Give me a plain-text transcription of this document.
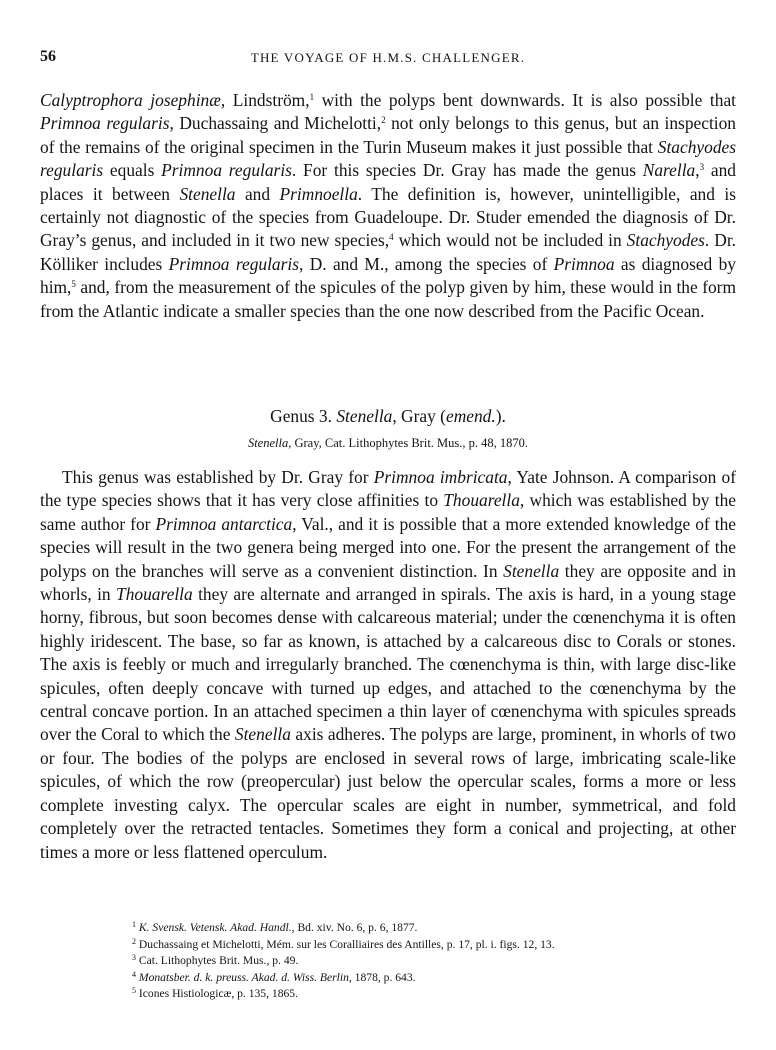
56	THE VOYAGE OF H.M.S. CHALLENGER.

Calyptrophora josephinæ, Lindström,$^1$ with the polyps bent downwards. It is also possible that Primnoa regularis, Duchassaing and Michelotti,$^2$ not only belongs to this genus, but an inspection of the remains of the original specimen in the Turin Museum makes it just possible that Stachyodes regularis equals Primnoa regularis. For this species Dr. Gray has made the genus Narella,$^3$ and places it between Stenella and Primnoella. The definition is, however, unintelligible, and is certainly not diagnostic of the species from Guadeloupe. Dr. Studer emended the diagnosis of Dr. Gray’s genus, and included in it two new species,$^4$ which would not be included in Stachyodes. Dr. Kölliker includes Primnoa regularis, D. and M., among the species of Primnoa as diagnosed by him,$^5$ and, from the measurement of the spicules of the polyp given by him, these would in the form from the Atlantic indicate a smaller species than the one now described from the Pacific Ocean.

Genus 3. Stenella, Gray (emend.).
Stenella, Gray, Cat. Lithophytes Brit. Mus., p. 48, 1870.

This genus was established by Dr. Gray for Primnoa imbricata, Yate Johnson. A comparison of the type species shows that it has very close affinities to Thouarella, which was established by the same author for Primnoa antarctica, Val., and it is possible that a more extended knowledge of the species will result in the two genera being merged into one. For the present the arrangement of the polyps on the branches will serve as a convenient distinction. In Stenella they are opposite and in whorls, in Thouarella they are alternate and arranged in spirals. The axis is hard, in a young stage horny, fibrous, but soon becomes dense with calcareous material; under the cœnenchyma it is often highly iridescent. The base, so far as known, is attached by a calcareous disc to Corals or stones. The axis is feebly or much and irregularly branched. The cœnenchyma is thin, with large disc-like spicules, often deeply concave with turned up edges, and attached to the cœnenchyma by the central concave portion. In an attached specimen a thin layer of cœnenchyma with spicules spreads over the Coral to which the Stenella axis adheres. The polyps are large, prominent, in whorls of two or four. The bodies of the polyps are enclosed in several rows of large, imbricating scale-like spicules, of which the row (preopercular) just below the opercular scales, forms a more or less complete investing calyx. The opercular scales are eight in number, symmetrical, and fold completely over the retracted tentacles. Sometimes they form a conical and projecting, at other times a more or less flattened operculum.

$^1$ K. Svensk. Vetensk. Akad. Handl., Bd. xiv. No. 6, p. 6, 1877.
$^2$ Duchassaing et Michelotti, Mém. sur les Coralliaires des Antilles, p. 17, pl. i. figs. 12, 13.
$^3$ Cat. Lithophytes Brit. Mus., p. 49.
$^4$ Monatsber. d. k. preuss. Akad. d. Wiss. Berlin, 1878, p. 643.
$^5$ Icones Histiologicæ, p. 135, 1865.
